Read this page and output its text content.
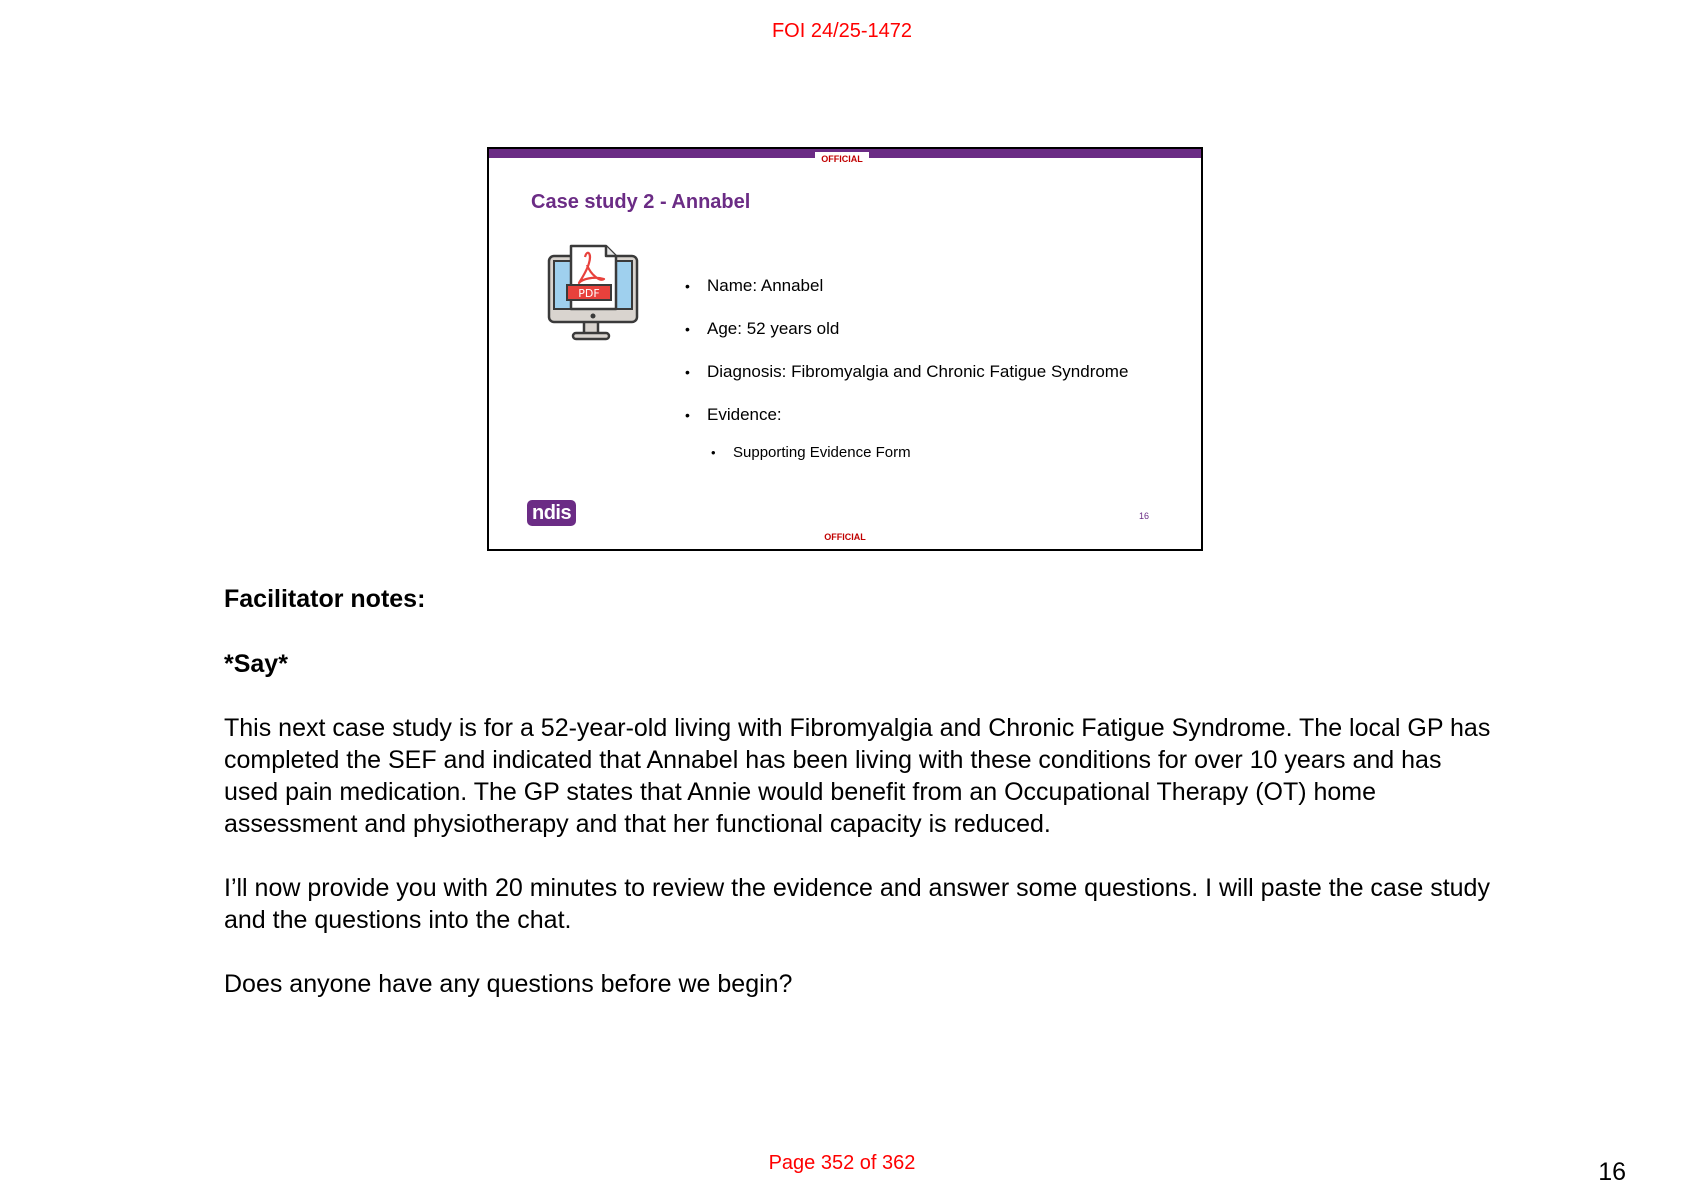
FOI 24/25-1472
OFFICIAL
Case study 2 - Annabel
PDF
•	Name: Annabel
• Age: 52 years old
• Diagnosis: Fibromyalgia and Chronic Fatigue Syndrome
• Evidence:
• Supporting Evidence Form
ndis	16
OFFICIAL
Facilitator notes:
*Say*

This next case study is for a 52-year-old living with Fibromyalgia and Chronic Fatigue Syndrome. The local GP has completed the SEF and indicated that Annabel has been living with these conditions for over 10 years and has used pain medication. The GP states that Annie would benefit from an Occupational Therapy (OT) home assessment and physiotherapy and that her functional capacity is reduced.

I’ll now provide you with 20 minutes to review the evidence and answer some questions. I will paste the case study and the questions into the chat.

Does anyone have any questions before we begin?

Page 352 of 362	16
